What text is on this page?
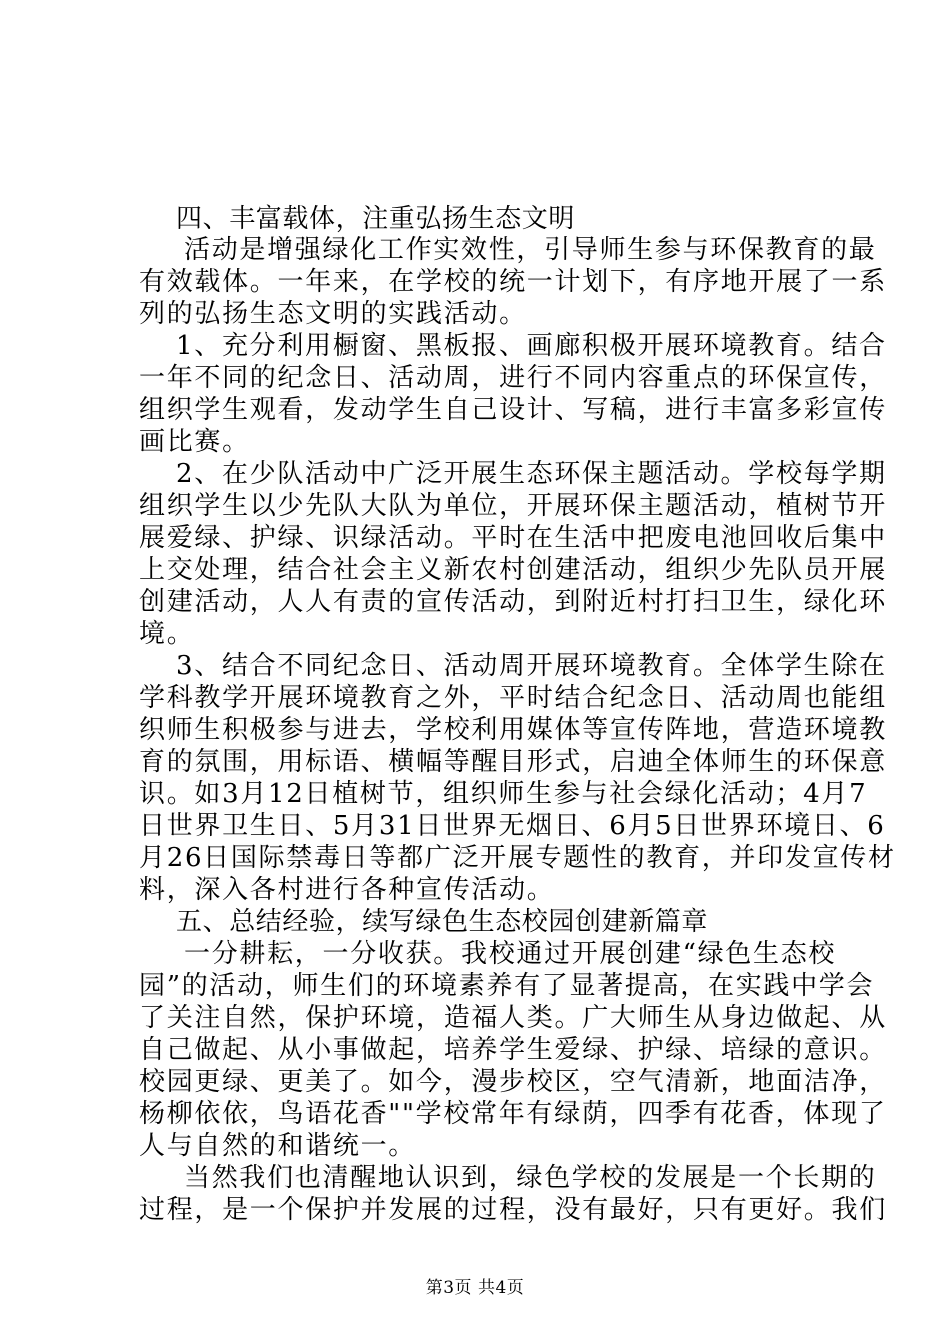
四、丰富载体，注重弘扬生态文明

活动是增强绿化工作实效性，引导师生参与环保教育的最

有效载体。一年来，在学校的统一计划下，有序地开展了一系

列的弘扬生态文明的实践活动。

1、充分利用橱窗、黑板报、画廊积极开展环境教育。结合

一年不同的纪念日、活动周，进行不同内容重点的环保宣传，

组织学生观看，发动学生自己设计、写稿，进行丰富多彩宣传

画比赛。

2、在少队活动中广泛开展生态环保主题活动。学校每学期

组织学生以少先队大队为单位，开展环保主题活动，植树节开

展爱绿、护绿、识绿活动。平时在生活中把废电池回收后集中

上交处理，结合社会主义新农村创建活动，组织少先队员开展

创建活动，人人有责的宣传活动，到附近村打扫卫生，绿化环

境。

3、结合不同纪念日、活动周开展环境教育。全体学生除在

学科教学开展环境教育之外，平时结合纪念日、活动周也能组

织师生积极参与进去，学校利用媒体等宣传阵地，营造环境教

育的氛围，用标语、横幅等醒目形式，启迪全体师生的环保意

识。如3月12日植树节，组织师生参与社会绿化活动；4月7

日世界卫生日、5月31日世界无烟日、6月5日世界环境日、6

月26日国际禁毒日等都广泛开展专题性的教育，并印发宣传材

料，深入各村进行各种宣传活动。

五、总结经验，续写绿色生态校园创建新篇章

一分耕耘，一分收获。我校通过开展创建“绿色生态校

园”的活动，师生们的环境素养有了显著提高，在实践中学会

了关注自然，保护环境，造福人类。广大师生从身边做起、从

自己做起、从小事做起，培养学生爱绿、护绿、培绿的意识。

校园更绿、更美了。如今，漫步校区，空气清新，地面洁净，

杨柳依依，鸟语花香""学校常年有绿荫，四季有花香，体现了

人与自然的和谐统一。

当然我们也清醒地认识到，绿色学校的发展是一个长期的

过程，是一个保护并发展的过程，没有最好，只有更好。我们

第3页 共4页
